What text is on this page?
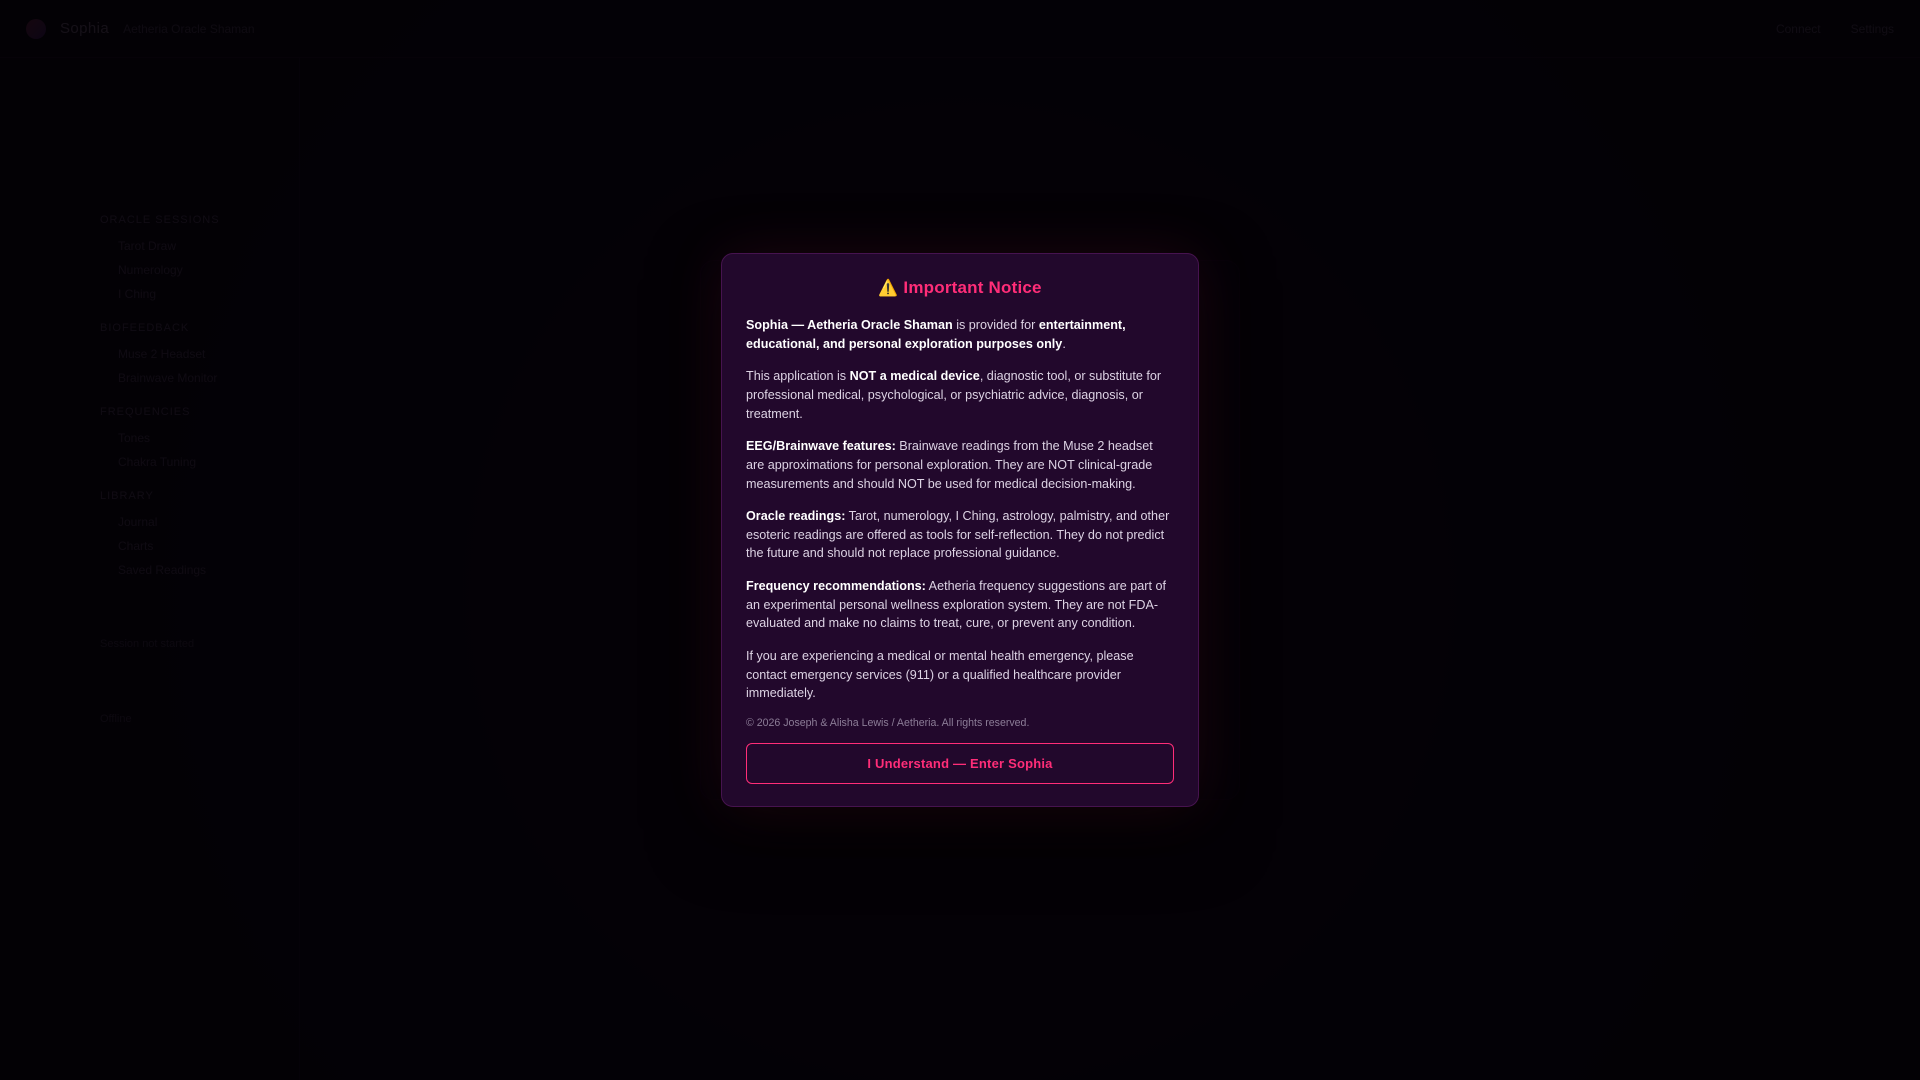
⚠️ Important Notice

Sophia — Aetheria Oracle Shaman is provided for entertainment, educational, and personal exploration purposes only.

This application is NOT a medical device, diagnostic tool, or substitute for professional medical, psychological, or psychiatric advice, diagnosis, or treatment.

EEG/Brainwave features: Brainwave readings from the Muse 2 headset are approximations for personal exploration. They are NOT clinical-grade measurements and should NOT be used for medical decision-making.

Oracle readings: Tarot, numerology, I Ching, astrology, palmistry, and other esoteric readings are offered as tools for self-reflection. They do not predict the future and should not replace professional guidance.

Frequency recommendations: Aetheria frequency suggestions are part of an experimental personal wellness exploration system. They are not FDA-evaluated and make no claims to treat, cure, or prevent any condition.

If you are experiencing a medical or mental health emergency, please contact emergency services (911) or a qualified healthcare provider immediately.

© 2026 Joseph & Alisha Lewis / Aetheria. All rights reserved.
I Understand — Enter Sophia
